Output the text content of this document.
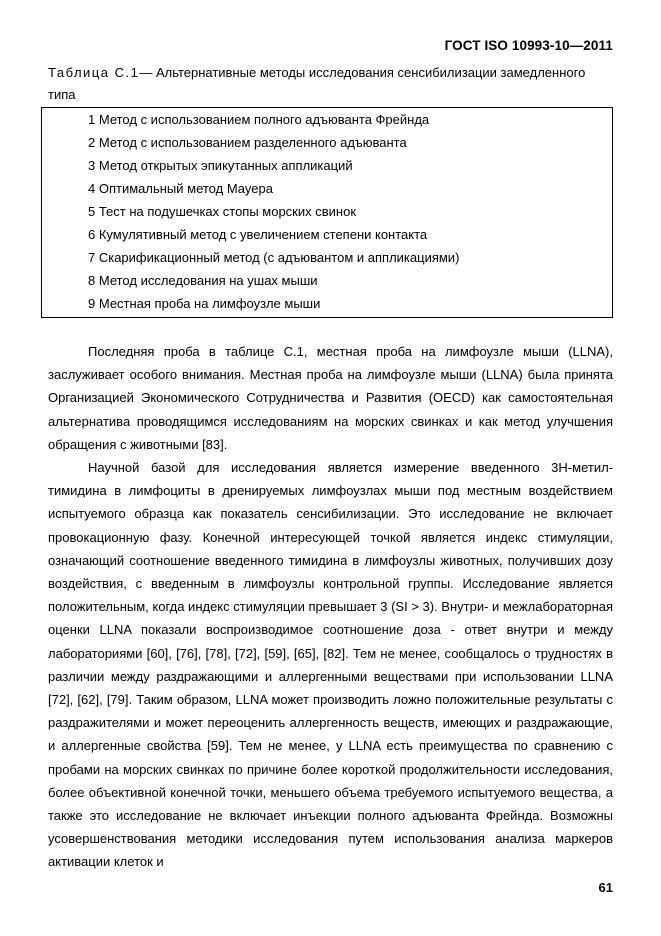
ГОСТ ISO 10993-10—2011
Таблица С.1— Альтернативные методы исследования сенсибилизации замедленного типа
1 Метод с использованием полного адъюванта Фрейнда
2 Метод с использованием разделенного адъюванта
3 Метод открытых эпикутанных аппликаций
4 Оптимальный метод Мауера
5 Тест на подушечках стопы морских свинок
6 Кумулятивный метод с увеличением степени контакта
7 Скарификационный метод (с адъювантом и аппликациями)
8 Метод исследования на ушах мыши
9 Местная проба на лимфоузле мыши

Последняя проба в таблице С.1, местная проба на лимфоузле мыши (LLNA), заслуживает особого внимания. Местная проба на лимфоузле мыши (LLNA) была принята Организацией Экономического Сотрудничества и Развития (OECD) как самостоятельная альтернатива проводящимся исследованиям на морских свинках и как метод улучшения обращения с животными [83].

Научной базой для исследования является измерение введенного 3Н-метил-тимидина в лимфоциты в дренируемых лимфоузлах мыши под местным воздействием испытуемого образца как показатель сенсибилизации. Это исследование не включает провокационную фазу. Конечной интересующей точкой является индекс стимуляции, означающий соотношение введенного тимидина в лимфоузлы животных, получивших дозу воздействия, с введенным в лимфоузлы контрольной группы. Исследование является положительным, когда индекс стимуляции превышает 3 (SI > 3). Внутри- и межлабораторная оценки LLNA показали воспроизводимое соотношение доза - ответ внутри и между лабораториями [60], [76], [78], [72], [59], [65], [82]. Тем не менее, сообщалось о трудностях в различии между раздражающими и аллергенными веществами при использовании LLNA [72], [62], [79]. Таким образом, LLNA может производить ложно положительные результаты с раздражителями и может переоценить аллергенность веществ, имеющих и раздражающие, и аллергенные свойства [59]. Тем не менее, у LLNA есть преимущества по сравнению с пробами на морских свинках по причине более короткой продолжительности исследования, более объективной конечной точки, меньшего объема требуемого испытуемого вещества, а также это исследование не включает инъекции полного адъюванта Фрейнда. Возможны усовершенствования методики исследования путем использования анализа маркеров активации клеток и

61
